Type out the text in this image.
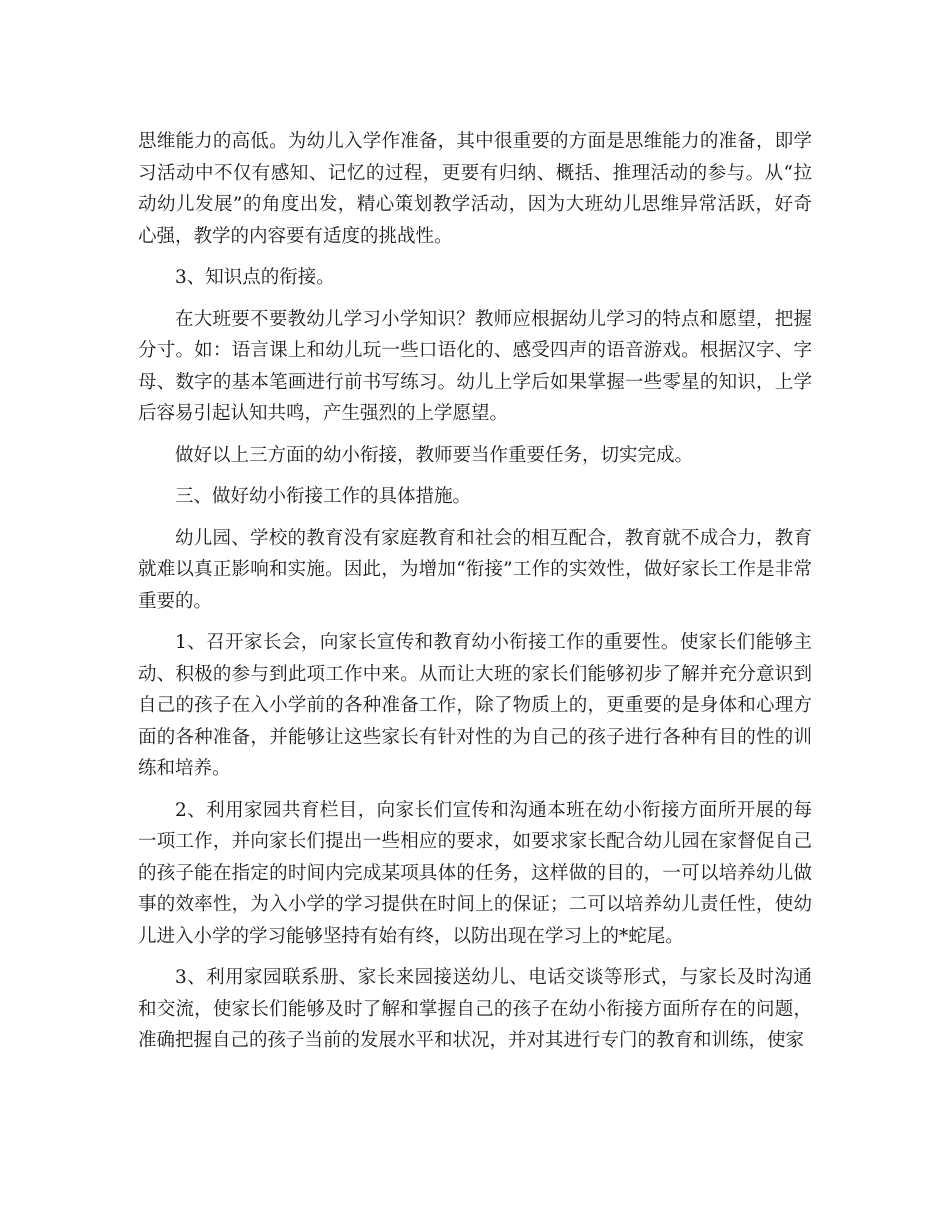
思维能力的高低。为幼儿入学作准备，其中很重要的方面是思维能力的准备，即学习活动中不仅有感知、记忆的过程，更要有归纳、概括、推理活动的参与。从“拉动幼儿发展”的角度出发，精心策划教学活动，因为大班幼儿思维异常活跃，好奇心强，教学的内容要有适度的挑战性。

3、知识点的衔接。

在大班要不要教幼儿学习小学知识？教师应根据幼儿学习的特点和愿望，把握分寸。如：语言课上和幼儿玩一些口语化的、感受四声的语音游戏。根据汉字、字母、数字的基本笔画进行前书写练习。幼儿上学后如果掌握一些零星的知识，上学后容易引起认知共鸣，产生强烈的上学愿望。

做好以上三方面的幼小衔接，教师要当作重要任务，切实完成。

三、做好幼小衔接工作的具体措施。

幼儿园、学校的教育没有家庭教育和社会的相互配合，教育就不成合力，教育就难以真正影响和实施。因此，为增加“衔接”工作的实效性，做好家长工作是非常重要的。

1、召开家长会，向家长宣传和教育幼小衔接工作的重要性。使家长们能够主动、积极的参与到此项工作中来。从而让大班的家长们能够初步了解并充分意识到自己的孩子在入小学前的各种准备工作，除了物质上的，更重要的是身体和心理方面的各种准备，并能够让这些家长有针对性的为自己的孩子进行各种有目的性的训练和培养。

2、利用家园共育栏目，向家长们宣传和沟通本班在幼小衔接方面所开展的每一项工作，并向家长们提出一些相应的要求，如要求家长配合幼儿园在家督促自己的孩子能在指定的时间内完成某项具体的任务，这样做的目的，一可以培养幼儿做事的效率性，为入小学的学习提供在时间上的保证；二可以培养幼儿责任性，使幼儿进入小学的学习能够坚持有始有终，以防出现在学习上的*蛇尾。

3、利用家园联系册、家长来园接送幼儿、电话交谈等形式，与家长及时沟通和交流，使家长们能够及时了解和掌握自己的孩子在幼小衔接方面所存在的问题，准确把握自己的孩子当前的发展水平和状况，并对其进行专门的教育和训练，使家
